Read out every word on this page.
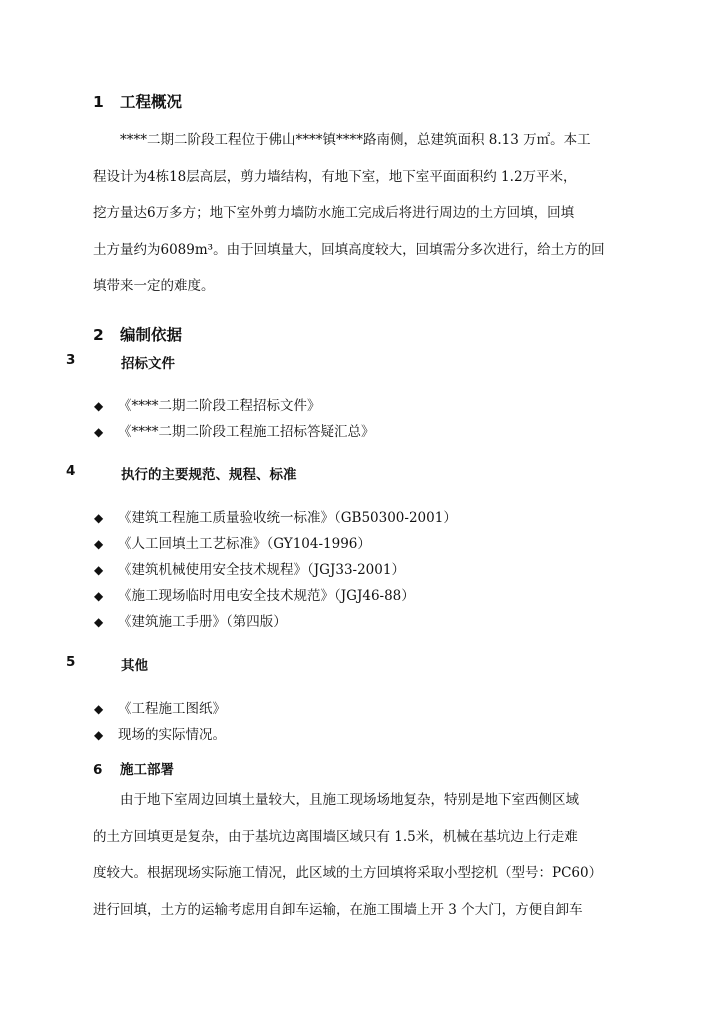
1 工程概况
****二期二阶段工程位于佛山****镇****路南侧，总建筑面积 8.13 万㎡。本工
程设计为4栋18层高层，剪力墙结构，有地下室，地下室平面面积约 1.2万平米，
挖方量达6万多方；地下室外剪力墙防水施工完成后将进行周边的土方回填，回填
土方量约为6089m³。由于回填量大，回填高度较大，回填需分多次进行，给土方的回
填带来一定的难度。
2 编制依据
3	招标文件
◆ 《****二期二阶段工程招标文件》
◆ 《****二期二阶段工程施工招标答疑汇总》
4	执行的主要规范、规程、标准
◆ 《建筑工程施工质量验收统一标准》（GB50300-2001）
◆ 《人工回填土工艺标准》（GY104-1996）
◆ 《建筑机械使用安全技术规程》（JGJ33-2001）
◆ 《施工现场临时用电安全技术规范》（JGJ46-88）
◆ 《建筑施工手册》（第四版）
5	其他
◆ 《工程施工图纸》
◆ 现场的实际情况。
6 施工部署
由于地下室周边回填土量较大，且施工现场场地复杂，特别是地下室西侧区域
的土方回填更是复杂，由于基坑边离围墙区域只有 1.5米，机械在基坑边上行走难
度较大。根据现场实际施工情况，此区域的土方回填将采取小型挖机（型号：PC60）
进行回填，土方的运输考虑用自卸车运输，在施工围墙上开 3 个大门，方便自卸车
